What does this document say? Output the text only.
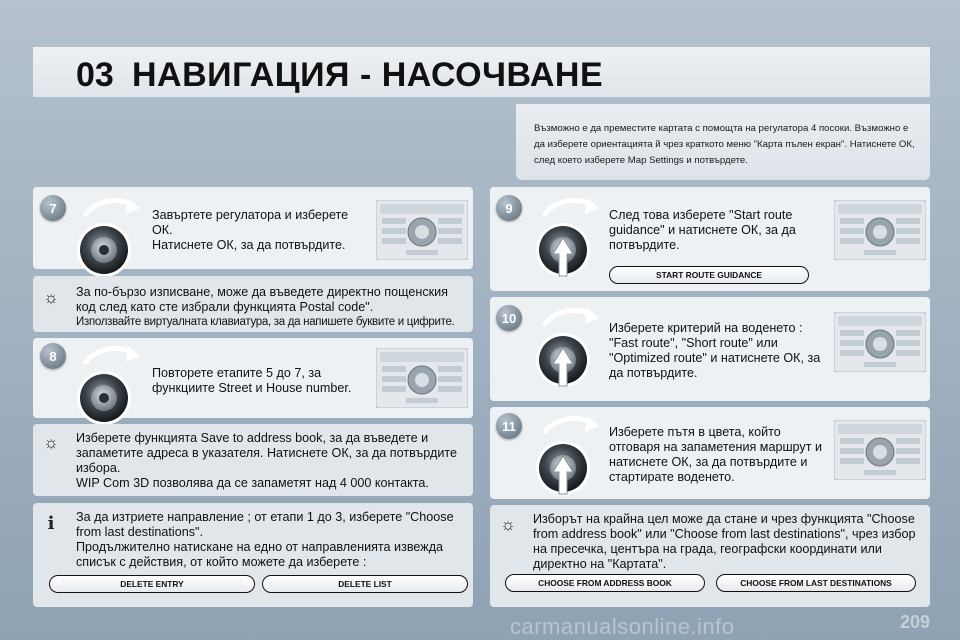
03 НАВИГАЦИЯ - НАСОЧВАНЕ
Възможно е да преместите картата с помощта на регулатора 4 посоки. Възможно е да изберете ориентацията й чрез краткото меню "Карта пълен екран". Натиснете ОК, след което изберете Map Settings и потвърдете.
7	Завъртете регулатора и изберете ОК.
Натиснете ОК, за да потвърдите.
☼ За по-бързо изписване, може да въведете директно пощенския код след като сте избрали функцията Postal code".
Използвайте виртуалната клавиатура, за да напишете буквите и цифрите.
8
Повторете етапите 5 до 7, за функциите Street и House number.
☼ Изберете функцията Save to address book, за да въведете и запаметите адреса в указателя. Натиснете ОК, за да потвърдите избора.
WIP Com 3D позволява да се запаметят над 4 000 контакта.
i	За да изтриете направление ; от етапи 1 до 3, изберете "Choose from last destinations".
Продължително натискане на едно от направленията извежда списък с действия, от който можете да изберете :
DELETE ENTRY	DELETE LIST
9	След това изберете "Start route guidance" и натиснете ОК, за да потвърдите.
START ROUTE GUIDANCE
10
Изберете критерий на воденето : "Fast route", "Short route" или "Optimized route" и натиснете ОК, за да потвърдите.
11	Изберете пътя в цвета, който отговаря на запаметения маршрут и натиснете ОК, за да потвърдите и стартирате воденето.
☼ Изборът на крайна цел може да стане и чрез функцията "Choose from address book" или "Choose from last destinations", чрез избор на пресечка, центъра на града, географски координати или директно на "Картата".
CHOOSE FROM ADDRESS BOOK	CHOOSE FROM LAST DESTINATIONS
carmanualsonline.info	209
